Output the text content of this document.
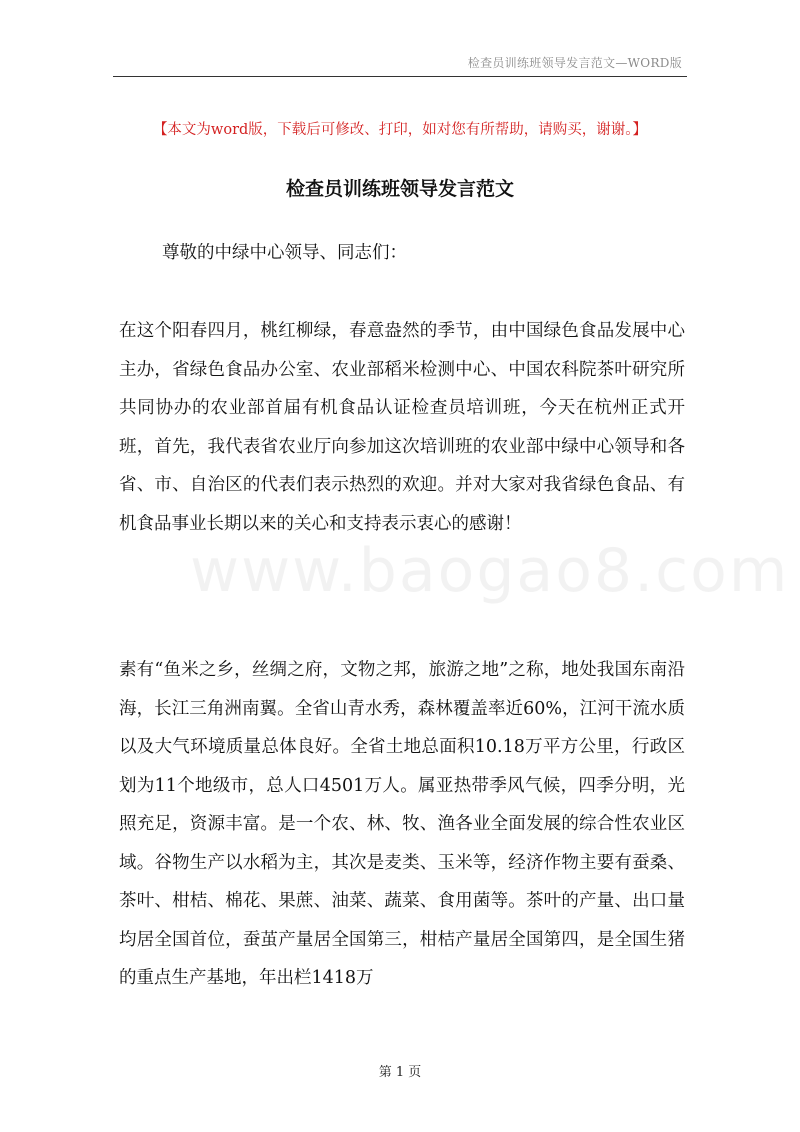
检查员训练班领导发言范文—WORD版
【本文为word版，下载后可修改、打印，如对您有所帮助，请购买，谢谢。】
www.baogao8.com
检查员训练班领导发言范文
尊敬的中绿中心领导、同志们：

在这个阳春四月，桃红柳绿，春意盎然的季节，由中国绿色食品发展中心主办，省绿色食品办公室、农业部稻米检测中心、中国农科院茶叶研究所共同协办的农业部首届有机食品认证检查员培训班，今天在杭州正式开班，首先，我代表省农业厅向参加这次培训班的农业部中绿中心领导和各省、市、自治区的代表们表示热烈的欢迎。并对大家对我省绿色食品、有机食品事业长期以来的关心和支持表示衷心的感谢！

素有“鱼米之乡，丝绸之府，文物之邦，旅游之地”之称，地处我国东南沿海，长江三角洲南翼。全省山青水秀，森林覆盖率近60%，江河干流水质以及大气环境质量总体良好。全省土地总面积10.18万平方公里，行政区划为11个地级市，总人口4501万人。属亚热带季风气候，四季分明，光照充足，资源丰富。是一个农、林、牧、渔各业全面发展的综合性农业区域。谷物生产以水稻为主，其次是麦类、玉米等，经济作物主要有蚕桑、茶叶、柑桔、棉花、果蔗、油菜、蔬菜、食用菌等。茶叶的产量、出口量均居全国首位，蚕茧产量居全国第三，柑桔产量居全国第四，是全国生猪的重点生产基地，年出栏1418万

第 1 页
